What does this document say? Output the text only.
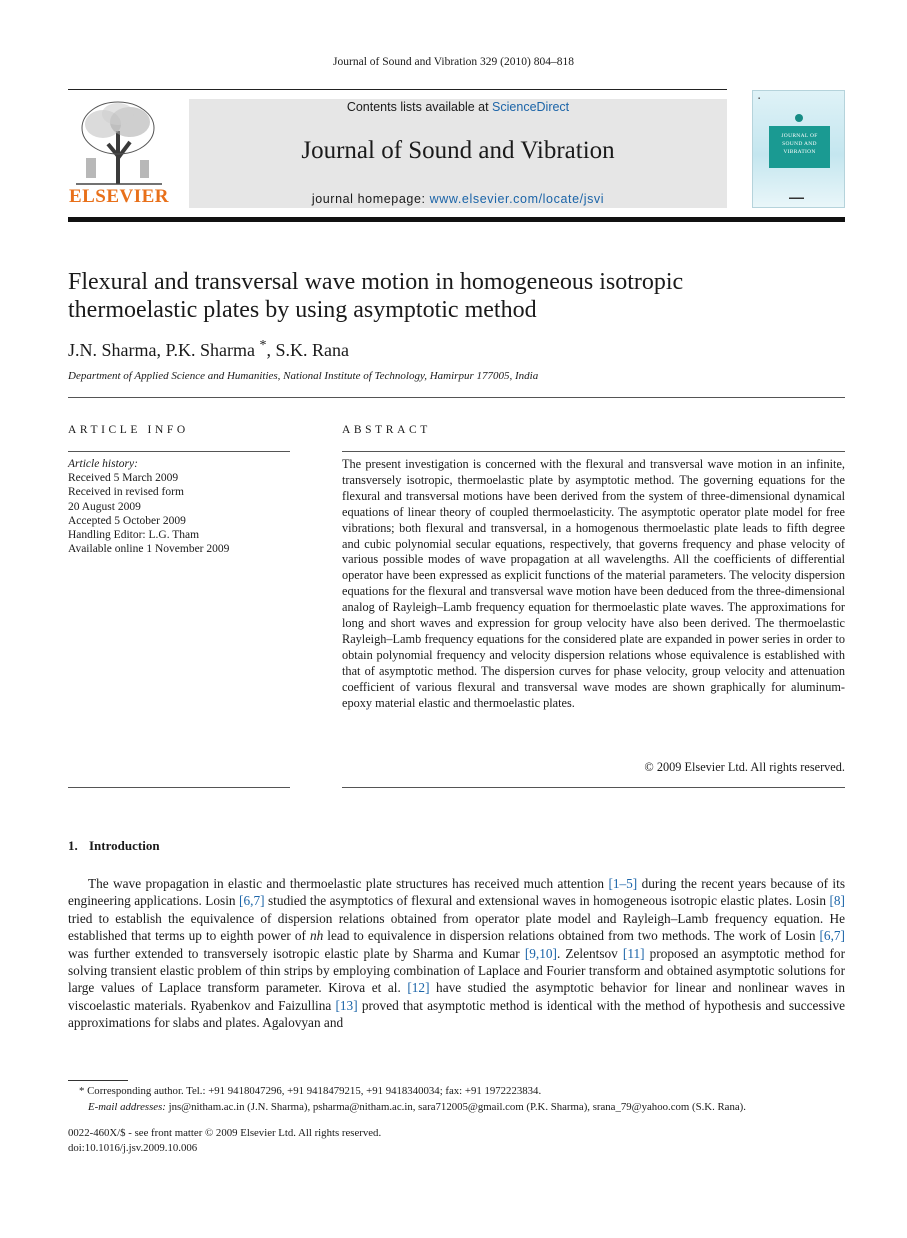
Journal of Sound and Vibration 329 (2010) 804–818
ELSEVIER
Contents lists available at ScienceDirect
Journal of Sound and Vibration
journal homepage: www.elsevier.com/locate/jsvi
▪
JOURNAL OF
SOUND AND
VIBRATION
▬▬▬
Flexural and transversal wave motion in homogeneous isotropic
thermoelastic plates by using asymptotic method
J.N. Sharma, P.K. Sharma *, S.K. Rana
Department of Applied Science and Humanities, National Institute of Technology, Hamirpur 177005, India
ARTICLE INFO
Article history:
Received 5 March 2009
Received in revised form
20 August 2009
Accepted 5 October 2009
Handling Editor: L.G. Tham
Available online 1 November 2009
ABSTRACT
The present investigation is concerned with the flexural and transversal wave motion in an infinite, transversely isotropic, thermoelastic plate by asymptotic method. The governing equations for the flexural and transversal motions have been derived from the system of three-dimensional dynamical equations of linear theory of coupled thermoelasticity. The asymptotic operator plate model for free vibrations; both flexural and transversal, in a homogenous thermoelastic plate leads to fifth degree and cubic polynomial secular equations, respectively, that governs frequency and phase velocity of various possible modes of wave propagation at all wavelengths. All the coefficients of differential operator have been expressed as explicit functions of the material parameters. The velocity dispersion equations for the flexural and transversal wave motion have been deduced from the three-dimensional analog of Rayleigh–Lamb frequency equation for thermoelastic plate waves. The approximations for long and short waves and expression for group velocity have also been derived. The thermoelastic Rayleigh–Lamb frequency equations for the considered plate are expanded in power series in order to obtain polynomial frequency and velocity dispersion relations whose equivalence is established with that of asymptotic method. The dispersion curves for phase velocity, group velocity and attenuation coefficient of various flexural and transversal wave modes are shown graphically for aluminum-epoxy material elastic and thermoelastic plates.
© 2009 Elsevier Ltd. All rights reserved.
1. Introduction
The wave propagation in elastic and thermoelastic plate structures has received much attention [1–5] during the recent years because of its engineering applications. Losin [6,7] studied the asymptotics of flexural and extensional waves in homogeneous isotropic elastic plates. Losin [8] tried to establish the equivalence of dispersion relations obtained from operator plate model and Rayleigh–Lamb frequency equation. He established that terms up to eighth power of nh lead to equivalence in dispersion relations obtained from two methods. The work of Losin [6,7] was further extended to transversely isotropic elastic plate by Sharma and Kumar [9,10]. Zelentsov [11] proposed an asymptotic method for solving transient elastic problem of thin strips by employing combination of Laplace and Fourier transform and obtained asymptotic solutions for large values of Laplace transform parameter. Kirova et al. [12] have studied the asymptotic behavior for linear and nonlinear waves in viscoelastic materials. Ryabenkov and Faizullina [13] proved that asymptotic method is identical with the method of hypothesis and successive approximations for slabs and plates. Agalovyan and
* Corresponding author. Tel.: +91 9418047296, +91 9418479215, +91 9418340034; fax: +91 1972223834.
E-mail addresses: jns@nitham.ac.in (J.N. Sharma), psharma@nitham.ac.in, sara712005@gmail.com (P.K. Sharma), srana_79@yahoo.com (S.K. Rana).
0022-460X/$ - see front matter © 2009 Elsevier Ltd. All rights reserved.
doi:10.1016/j.jsv.2009.10.006
